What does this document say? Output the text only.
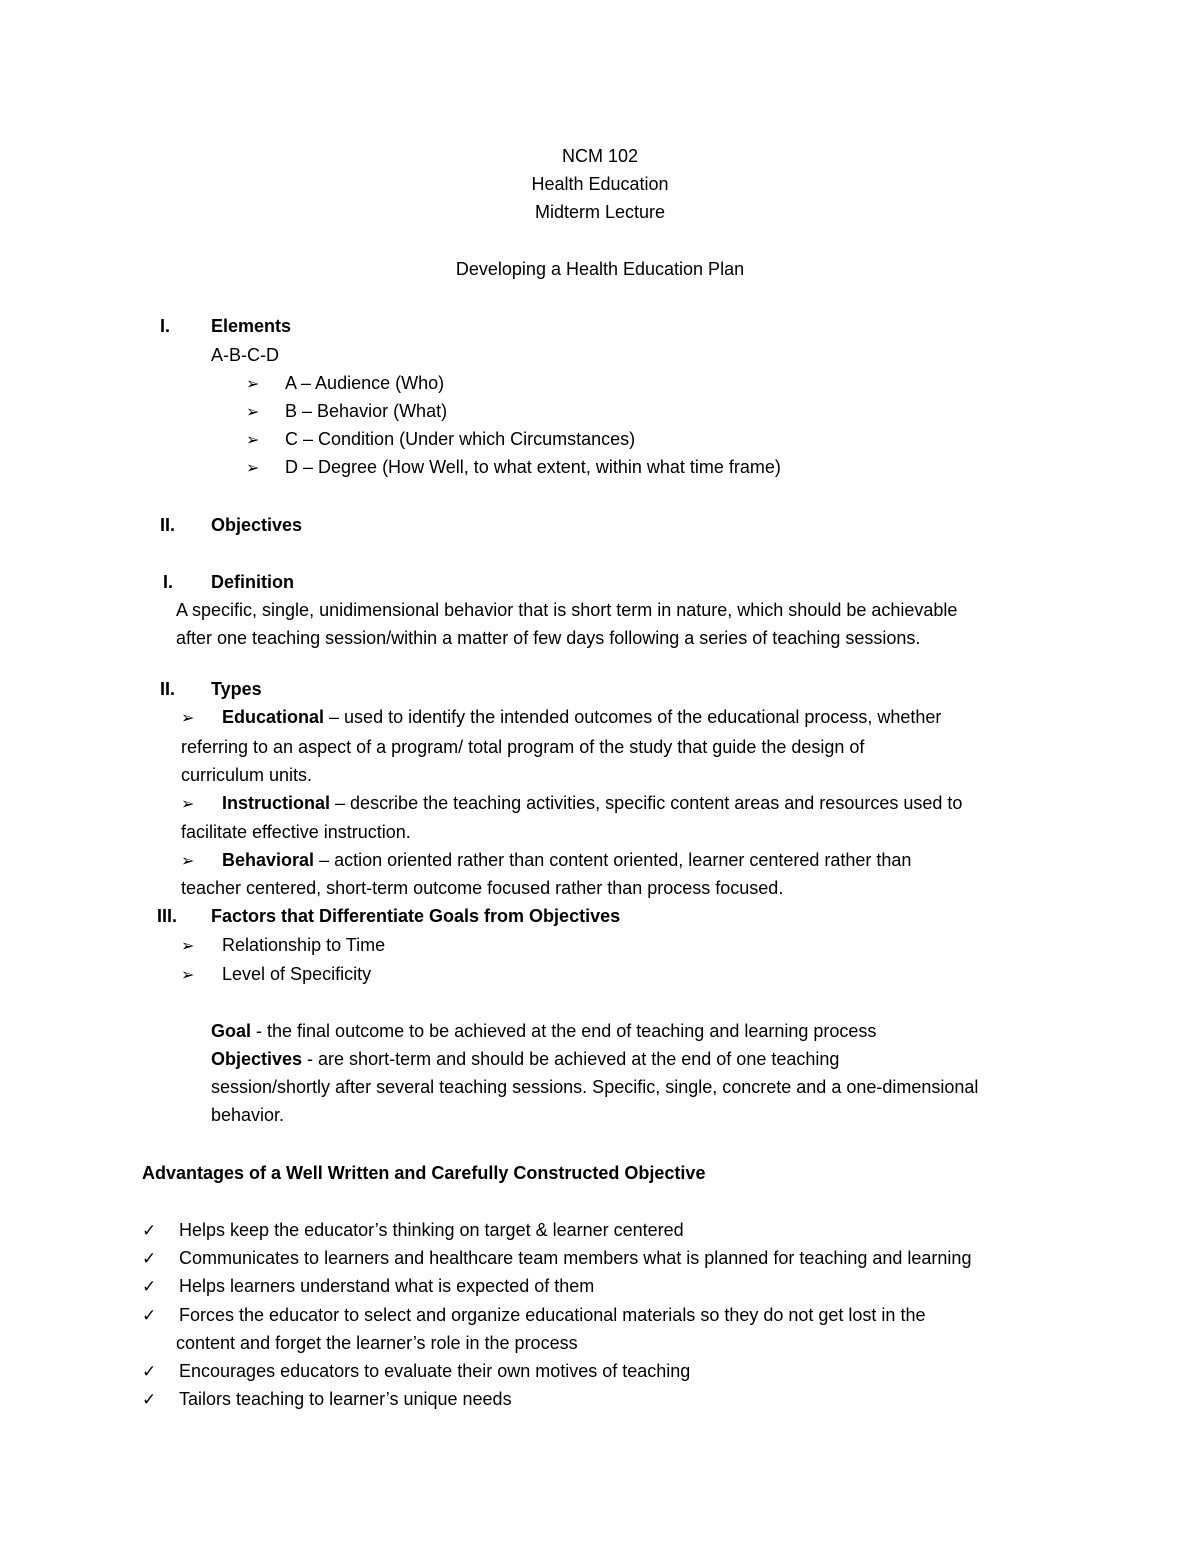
NCM 102
Health Education
Midterm Lecture
Developing a Health Education Plan
I. Elements
A-B-C-D
➢ A – Audience (Who)
➢ B – Behavior (What)
➢ C – Condition (Under which Circumstances)
➢ D – Degree (How Well, to what extent, within what time frame)
II. Objectives
I. Definition
A specific, single, unidimensional behavior that is short term in nature, which should be achievable
after one teaching session/within a matter of few days following a series of teaching sessions.
II. Types
➢ Educational – used to identify the intended outcomes of the educational process, whether
referring to an aspect of a program/ total program of the study that guide the design of
curriculum units.
➢ Instructional – describe the teaching activities, specific content areas and resources used to
facilitate effective instruction.
➢ Behavioral – action oriented rather than content oriented, learner centered rather than
teacher centered, short-term outcome focused rather than process focused.
III. Factors that Differentiate Goals from Objectives
➢ Relationship to Time
➢ Level of Specificity
Goal - the final outcome to be achieved at the end of teaching and learning process
Objectives - are short-term and should be achieved at the end of one teaching
session/shortly after several teaching sessions. Specific, single, concrete and a one-dimensional
behavior.
Advantages of a Well Written and Carefully Constructed Objective
✓ Helps keep the educator’s thinking on target & learner centered
✓ Communicates to learners and healthcare team members what is planned for teaching and learning
✓ Helps learners understand what is expected of them
✓ Forces the educator to select and organize educational materials so they do not get lost in the
content and forget the learner’s role in the process
✓ Encourages educators to evaluate their own motives of teaching
✓ Tailors teaching to learner’s unique needs
